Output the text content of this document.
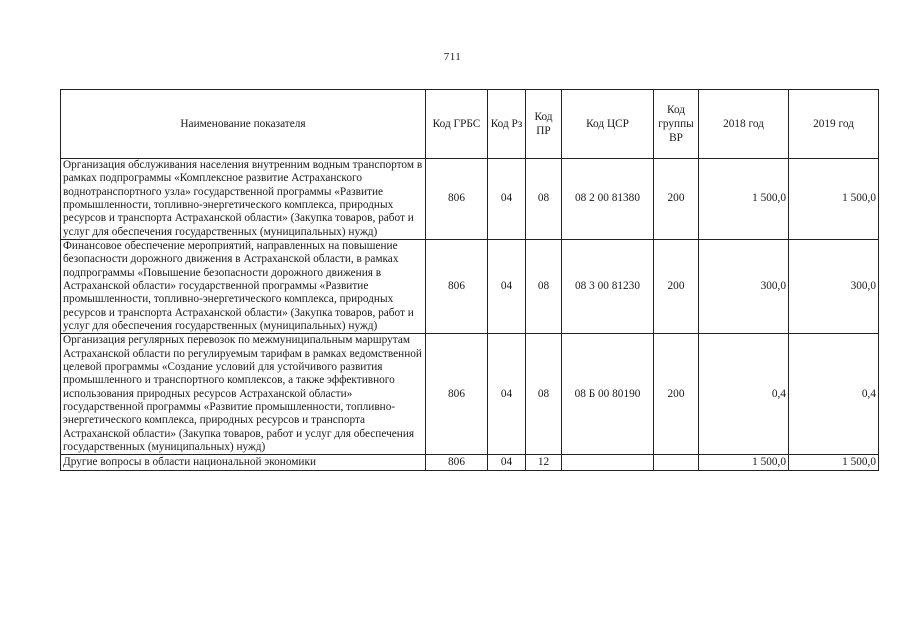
711
Наименование показателя	Код ГРБС	Код Рз	Код ПР	Код ЦСР	Код группы ВР	2018 год	2019 год
Организация обслуживания населения внутренним водным транспортом в рамках подпрограммы «Комплексное развитие Астраханского воднотранспортного узла» государственной программы «Развитие промышленности, топливно-энергетического комплекса, природных ресурсов и транспорта Астраханской области» (Закупка товаров, работ и услуг для обеспечения государственных (муниципальных) нужд)	806	04	08	08 2 00 81380	200	1 500,0	1 500,0
Финансовое обеспечение мероприятий, направленных на повышение безопасности дорожного движения в Астраханской области, в рамках подпрограммы «Повышение безопасности дорожного движения в Астраханской области» государственной программы «Развитие промышленности, топливно-энергетического комплекса, природных ресурсов и транспорта Астраханской области» (Закупка товаров, работ и услуг для обеспечения государственных (муниципальных) нужд)	806	04	08	08 3 00 81230	200	300,0	300,0
Организация регулярных перевозок по межмуниципальным маршрутам Астраханской области по регулируемым тарифам в рамках ведомственной целевой программы «Создание условий для устойчивого развития промышленного и транспортного комплексов, а также эффективного использования природных ресурсов Астраханской области» государственной программы «Развитие промышленности, топливно-энергетического комплекса, природных ресурсов и транспорта Астраханской области» (Закупка товаров, работ и услуг для обеспечения государственных (муниципальных) нужд)	806	04	08	08 Б 00 80190	200	0,4	0,4
Другие вопросы в области национальной экономики	806	04	12			1 500,0	1 500,0
